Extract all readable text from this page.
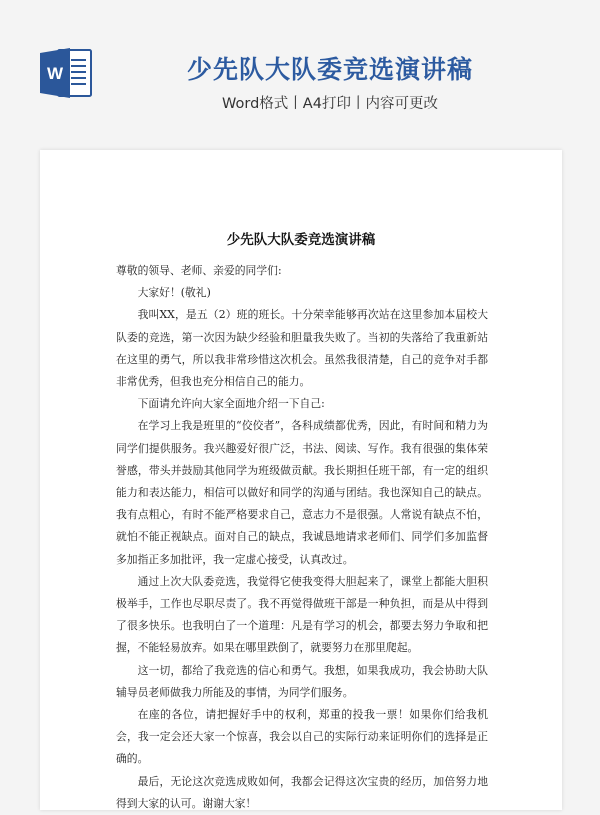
W	少先队大队委竞选演讲稿
Word格式丨A4打印丨内容可更改
少先队大队委竞选演讲稿

尊敬的领导、老师、亲爱的同学们:

大家好！(敬礼)

我叫XX，是五（2）班的班长。十分荣幸能够再次站在这里参加本届校大队委的竞选，第一次因为缺少经验和胆量我失败了。当初的失落给了我重新站在这里的勇气，所以我非常珍惜这次机会。虽然我很清楚，自己的竞争对手都非常优秀，但我也充分相信自己的能力。

下面请允许向大家全面地介绍一下自己:

在学习上我是班里的“佼佼者”，各科成绩都优秀，因此，有时间和精力为同学们提供服务。我兴趣爱好很广泛，书法、阅读、写作。我有很强的集体荣誉感，带头并鼓励其他同学为班级做贡献。我长期担任班干部，有一定的组织能力和表达能力，相信可以做好和同学的沟通与团结。我也深知自己的缺点。我有点粗心，有时不能严格要求自己，意志力不是很强。人常说有缺点不怕，就怕不能正视缺点。面对自己的缺点，我诚恳地请求老师们、同学们多加监督多加指正多加批评，我一定虚心接受，认真改过。

通过上次大队委竞选，我觉得它使我变得大胆起来了，课堂上都能大胆积极举手，工作也尽职尽责了。我不再觉得做班干部是一种负担，而是从中得到了很多快乐。也我明白了一个道理：凡是有学习的机会，都要去努力争取和把握，不能轻易放弃。如果在哪里跌倒了，就要努力在那里爬起。

这一切，都给了我竞选的信心和勇气。我想，如果我成功，我会协助大队辅导员老师做我力所能及的事情，为同学们服务。

在座的各位，请把握好手中的权利，郑重的投我一票！如果你们给我机会，我一定会还大家一个惊喜，我会以自己的实际行动来证明你们的选择是正确的。

最后，无论这次竞选成败如何，我都会记得这次宝贵的经历，加倍努力地得到大家的认可。谢谢大家！
